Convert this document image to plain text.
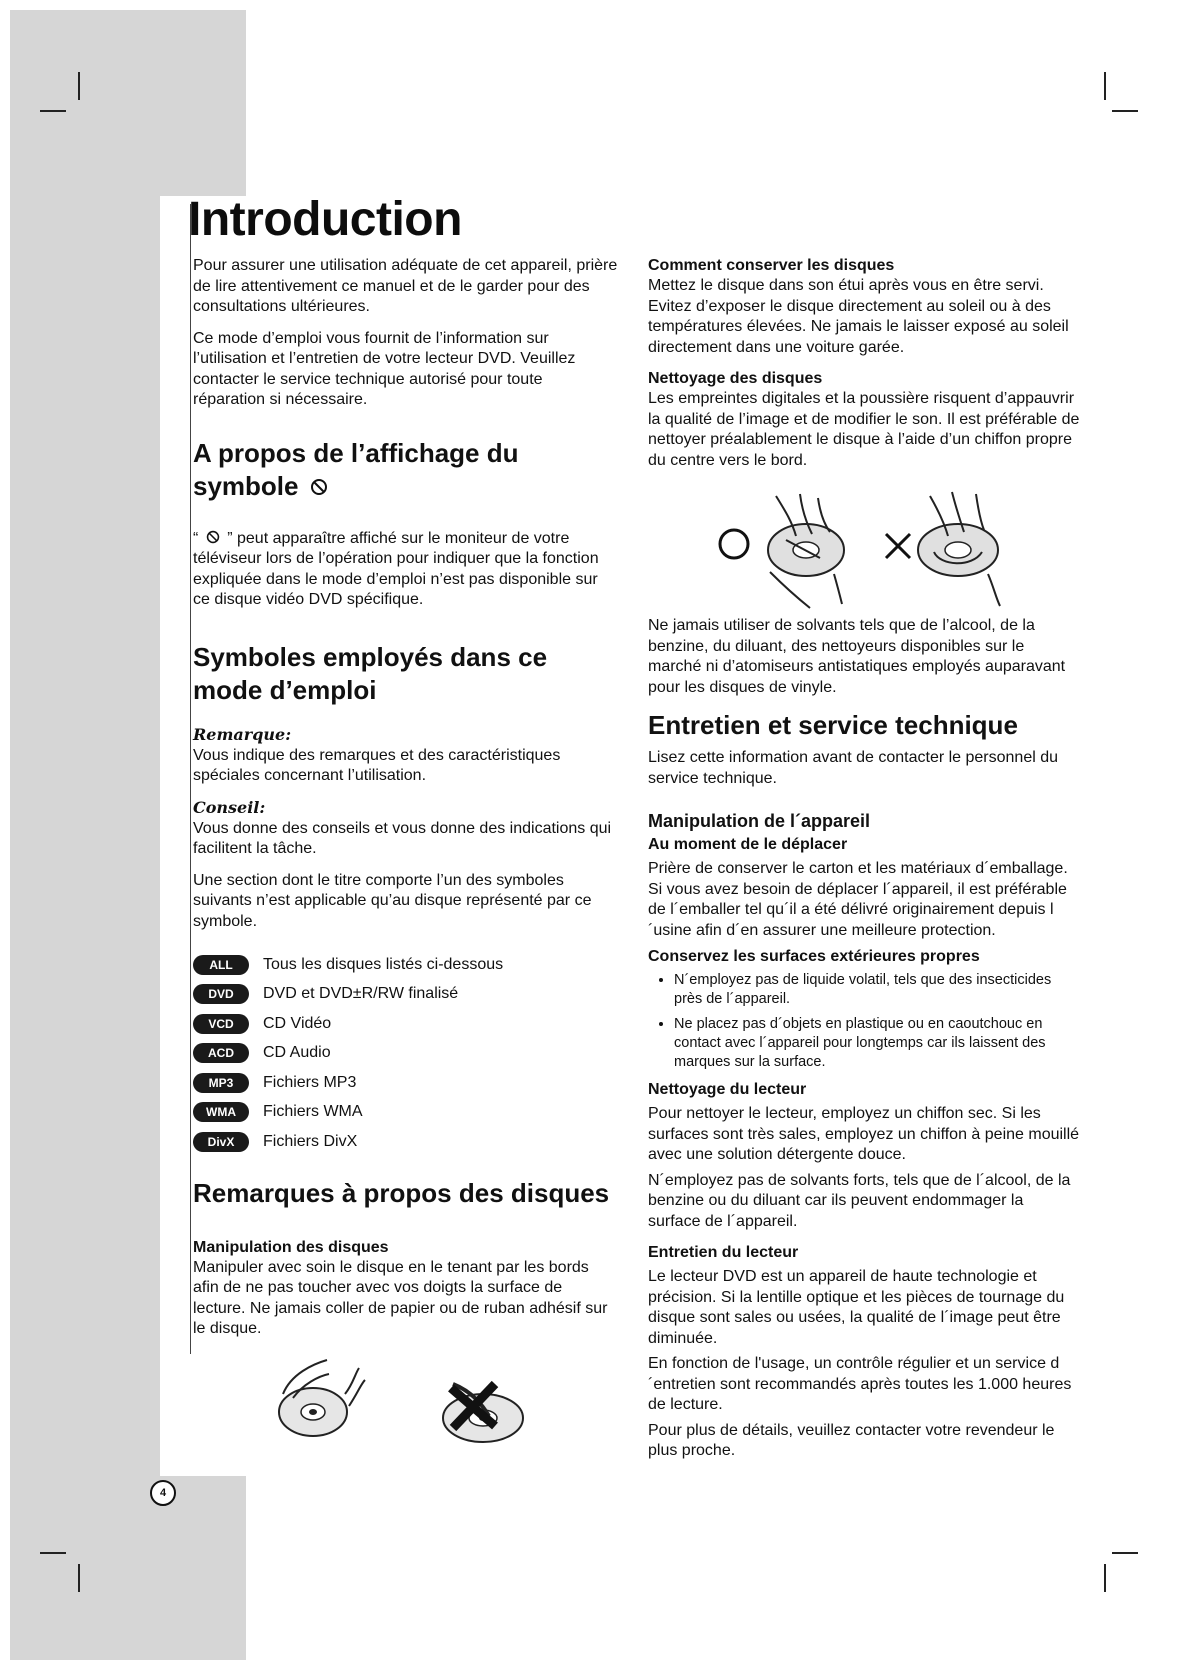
Introduction

Pour assurer une utilisation adéquate de cet appareil, prière de lire attentivement ce manuel et de le garder pour des consultations ultérieures.

Ce mode d’emploi vous fournit de l’information sur l’utilisation et l’entretien de votre lecteur DVD. Veuillez contacter le service technique autorisé pour toute réparation si nécessaire.

A propos de l’affichage du symbole

“ ” peut apparaître affiché sur le moniteur de votre téléviseur lors de l’opération pour indiquer que la fonction expliquée dans le mode d’emploi n’est pas disponible sur ce disque vidéo DVD spécifique.

Symboles employés dans ce mode d’emploi
Remarque:

Vous indique des remarques et des caractéristiques spéciales concernant l’utilisation.

Conseil:

Vous donne des conseils et vous donne des indications qui facilitent la tâche.

Une section dont le titre comporte l’un des symboles suivants n’est applicable qu’au disque représenté par ce symbole.

ALL	Tous les disques listés ci-dessous
DVD	DVD et DVD±R/RW finalisé
VCD	CD Vidéo
ACD	CD Audio
MP3	Fichiers MP3
WMA	Fichiers WMA
DivX	Fichiers DivX
Remarques à propos des disques
Manipulation des disques

Manipuler avec soin le disque en le tenant par les bords afin de ne pas toucher avec vos doigts la surface de lecture. Ne jamais coller de papier ou de ruban adhésif sur le disque.

Comment conserver les disques

Mettez le disque dans son étui après vous en être servi. Evitez d’exposer le disque directement au soleil ou à des températures élevées. Ne jamais le laisser exposé au soleil directement dans une voiture garée.

Nettoyage des disques

Les empreintes digitales et la poussière risquent d’appauvrir la qualité de l’image et de modifier le son. Il est préférable de nettoyer préalablement le disque à l’aide d’un chiffon propre du centre vers le bord.

Ne jamais utiliser de solvants tels que de l’alcool, de la benzine, du diluant, des nettoyeurs disponibles sur le marché ni d’atomiseurs antistatiques employés auparavant pour les disques de vinyle.

Entretien et service technique

Lisez cette information avant de contacter le personnel du service technique.

Manipulation de l´appareil
Au moment de le déplacer

Prière de conserver le carton et les matériaux d´emballage. Si vous avez besoin de déplacer l´appareil, il est préférable de l´emballer tel qu´il a été délivré originairement depuis l´usine afin d´en assurer une meilleure protection.

Conservez les surfaces extérieures propres
• N´employez pas de liquide volatil, tels que des insecticides près de l´appareil.
• Ne placez pas d´objets en plastique ou en caoutchouc en contact avec l´appareil pour longtemps car ils laissent des marques sur la surface.
Nettoyage du lecteur

Pour nettoyer le lecteur, employez un chiffon sec. Si les surfaces sont très sales, employez un chiffon à peine mouillé avec une solution détergente douce.

N´employez pas de solvants forts, tels que de l´alcool, de la benzine ou du diluant car ils peuvent endommager la surface de l´appareil.

Entretien du lecteur

Le lecteur DVD est un appareil de haute technologie et précision. Si la lentille optique et les pièces de tournage du disque sont sales ou usées, la qualité de l´image peut être diminuée.

En fonction de l'usage, un contrôle régulier et un service d´entretien sont recommandés après toutes les 1.000 heures de lecture.

Pour plus de détails, veuillez contacter votre revendeur le plus proche.

4
